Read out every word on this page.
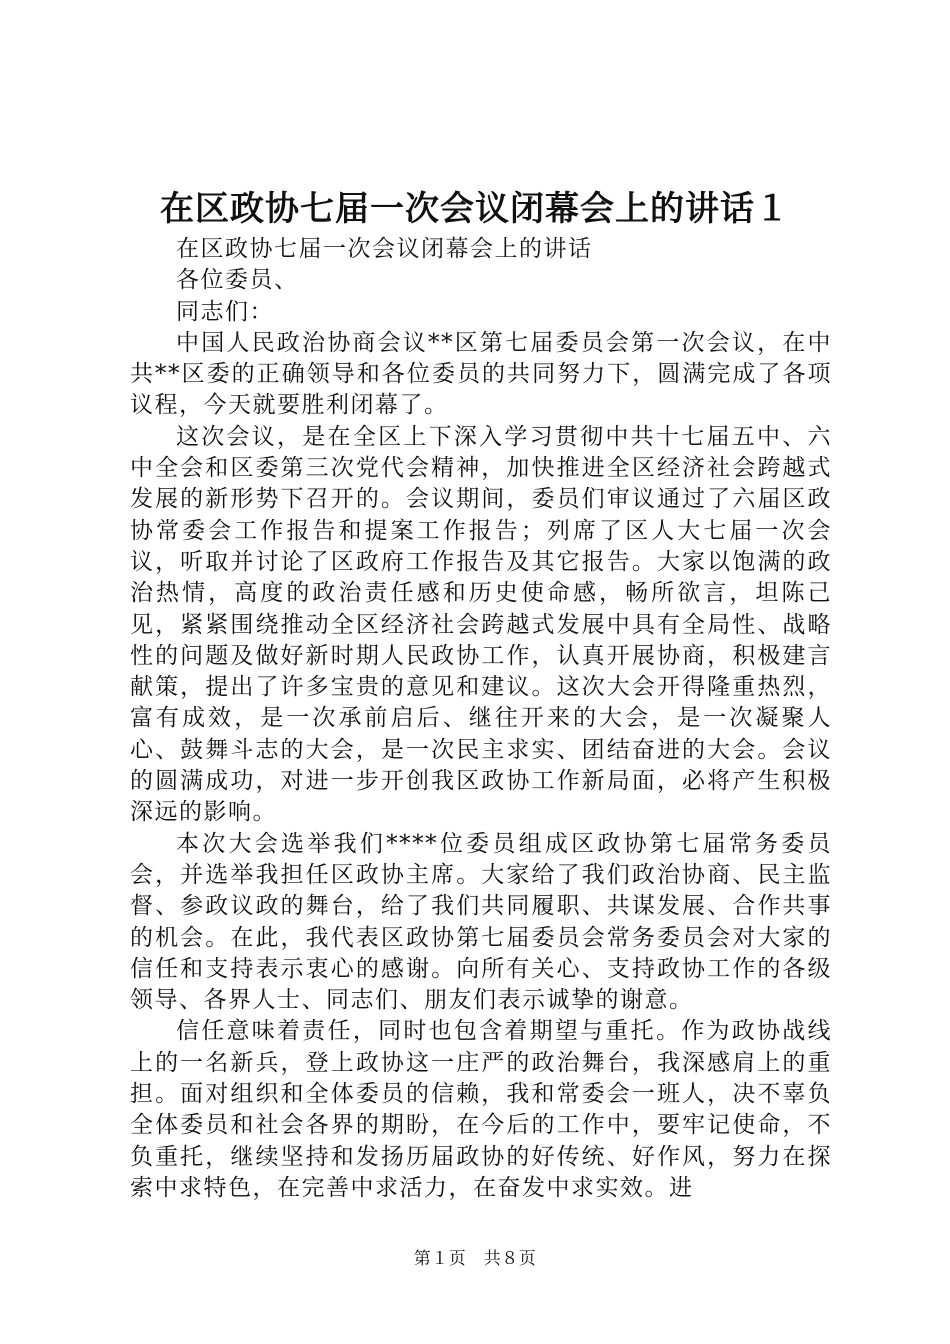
在区政协七届一次会议闭幕会上的讲话１

在区政协七届一次会议闭幕会上的讲话

各位委员、

同志们：

中国人民政治协商会议**区第七届委员会第一次会议，在中共**区委的正确领导和各位委员的共同努力下，圆满完成了各项议程，今天就要胜利闭幕了。

这次会议，是在全区上下深入学习贯彻中共十七届五中、六中全会和区委第三次党代会精神，加快推进全区经济社会跨越式发展的新形势下召开的。会议期间，委员们审议通过了六届区政协常委会工作报告和提案工作报告；列席了区人大七届一次会议，听取并讨论了区政府工作报告及其它报告。大家以饱满的政治热情，高度的政治责任感和历史使命感，畅所欲言，坦陈己见，紧紧围绕推动全区经济社会跨越式发展中具有全局性、战略性的问题及做好新时期人民政协工作，认真开展协商，积极建言献策，提出了许多宝贵的意见和建议。这次大会开得隆重热烈，富有成效，是一次承前启后、继往开来的大会，是一次凝聚人心、鼓舞斗志的大会，是一次民主求实、团结奋进的大会。会议的圆满成功，对进一步开创我区政协工作新局面，必将产生积极深远的影响。

本次大会选举我们****位委员组成区政协第七届常务委员会，并选举我担任区政协主席。大家给了我们政治协商、民主监督、参政议政的舞台，给了我们共同履职、共谋发展、合作共事的机会。在此，我代表区政协第七届委员会常务委员会对大家的信任和支持表示衷心的感谢。向所有关心、支持政协工作的各级领导、各界人士、同志们、朋友们表示诚挚的谢意。

信任意味着责任，同时也包含着期望与重托。作为政协战线上的一名新兵，登上政协这一庄严的政治舞台，我深感肩上的重担。面对组织和全体委员的信赖，我和常委会一班人，决不辜负全体委员和社会各界的期盼，在今后的工作中，要牢记使命，不负重托，继续坚持和发扬历届政协的好传统、好作风，努力在探索中求特色，在完善中求活力，在奋发中求实效。进

第１页　共８页
